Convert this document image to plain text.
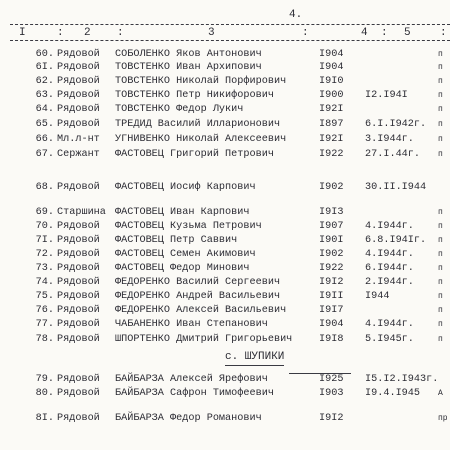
4.
I	: 2 :	3	:	4 : 5	:
60. Рядовой СОБОЛЕНКО Яков Антонович	I904	п
6I. Рядовой ТОВСТЕНКО Иван Архипович	I904	п
62. Рядовой ТОВСТЕНКО Николай Порфирович	I9I0	п
63. Рядовой ТОВСТЕНКО Петр Никифорович	I900 I2.I94I	п
64. Рядовой ТОВСТЕНКО Федор Лукич	I92I	п
65. Рядовой ТРЕДИД Василий Илларионович	I897 6.I.I942г. п
66. Мл.л-нт УГНИВЕНКО Николай Алексеевич	I92I 3.I944г.	п
67. Сержант ФАСТОВЕЦ Григорий Петрович	I922 27.I.44г. п
68. Рядовой ФАСТОВЕЦ Иосиф Карпович	I902 30.II.I944
69. Старшина ФАСТОВЕЦ Иван Карпович	I9I3	п
70. Рядовой ФАСТОВЕЦ Кузьма Петрович	I907 4.I944г.	п
7I. Рядовой ФАСТОВЕЦ Петр Саввич	I90I 6.8.I94Iг. п
72. Рядовой ФАСТОВЕЦ Семен Акимович	I902 4.I944г.	п
73. Рядовой ФАСТОВЕЦ Федор Минович	I922 6.I944г.	п
74. Рядовой ФЕДОРЕНКО Василий Сергеевич	I9I2 2.I944г.	п
75. Рядовой ФЕДОРЕНКО Андрей Васильевич	I9II I944	п
76. Рядовой ФЕДОРЕНКО Алексей Васильевич	I9I7	п
77. Рядовой ЧАБАНЕНКО Иван Степанович	I904 4.I944г.	п
78. Рядовой ШПОРТЕНКО Дмитрий Григорьевич	I9I8 5.I945г.	п
79. Рядовой БАЙБАРЗА Алексей Ярефович	I925 I5.I2.I943г.
80. Рядовой БАЙБАРЗА Сафрон Тимофеевич	I903 I9.4.I945 А
8I. Рядовой БАЙБАРЗА Федор Романович	I9I2	пр
с. ШУПИКИ
